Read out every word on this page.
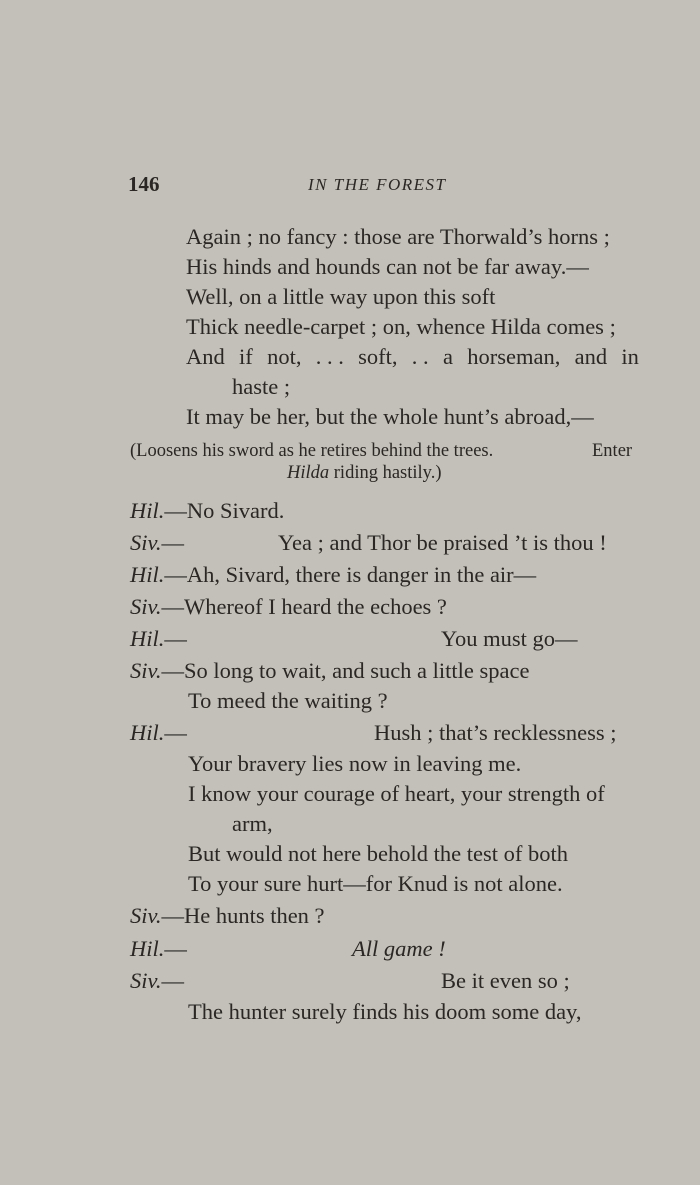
146	IN THE FOREST
Again ; no fancy : those are Thorwald’s horns ;
His hinds and hounds can not be far away.—
Well, on a little way upon this soft
Thick needle-carpet ; on, whence Hilda comes ;
And if not, . . . soft, . . a horseman, and in
haste ;
It may be her, but the whole hunt’s abroad,—
(Loosens his sword as he retires behind the trees.	Enter
Hilda riding hastily.)
Hil.—No Sivard.
Siv.—	Yea ; and Thor be praised ’t is thou !
Hil.—Ah, Sivard, there is danger in the air—
Siv.—Whereof I heard the echoes ?
Hil.—	You must go—
Siv.—So long to wait, and such a little space
To meed the waiting ?
Hil.—	Hush ; that’s recklessness ;
Your bravery lies now in leaving me.
I know your courage of heart, your strength of
arm,
But would not here behold the test of both
To your sure hurt—for Knud is not alone.
Siv.—He hunts then ?
Hil.—	All game !
Siv.—	Be it even so ;
The hunter surely finds his doom some day,
